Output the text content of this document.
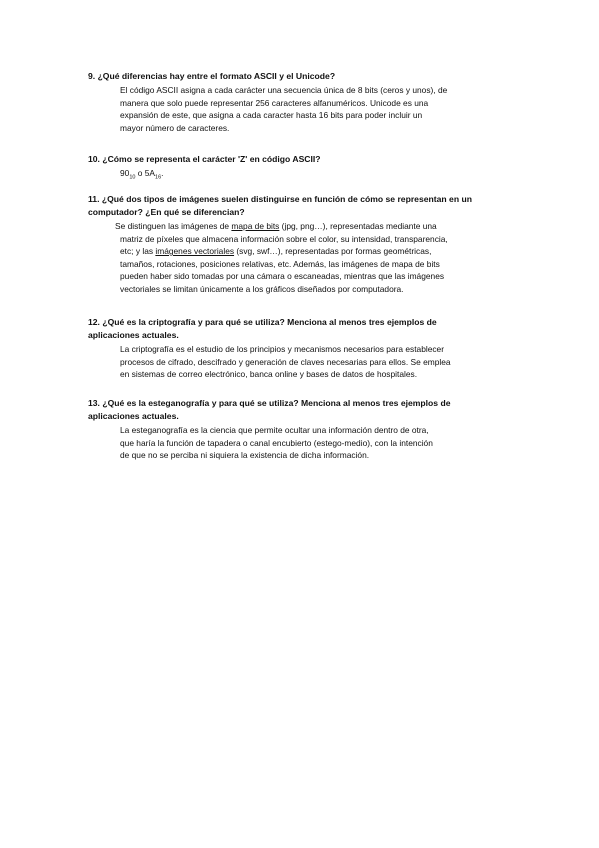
9. ¿Qué diferencias hay entre el formato ASCII y el Unicode?

El código ASCII asigna a cada carácter una secuencia única de 8 bits (ceros y unos), de
manera que solo puede representar 256 caracteres alfanuméricos. Unicode es una
expansión de este, que asigna a cada caracter hasta 16 bits para poder incluir un
mayor número de caracteres.

10. ¿Cómo se representa el carácter 'Z' en código ASCII?

$90_{10}$ o $5A_{16}$.

11. ¿Qué dos tipos de imágenes suelen distinguirse en función de cómo se representan en un
computador? ¿En qué se diferencian?

Se distinguen las imágenes de mapa de bits (jpg, png…), representadas mediante una
matriz de píxeles que almacena información sobre el color, su intensidad, transparencia,
etc; y las imágenes vectoriales (svg, swf…), representadas por formas geométricas,
tamaños, rotaciones, posiciones relativas, etc. Además, las imágenes de mapa de bits
pueden haber sido tomadas por una cámara o escaneadas, mientras que las imágenes
vectoriales se limitan únicamente a los gráficos diseñados por computadora.

12. ¿Qué es la criptografía y para qué se utiliza? Menciona al menos tres ejemplos de
aplicaciones actuales.

La criptografía es el estudio de los principios y mecanismos necesarios para establecer
procesos de cifrado, descifrado y generación de claves necesarias para ellos. Se emplea
en sistemas de correo electrónico, banca online y bases de datos de hospitales.

13. ¿Qué es la esteganografía y para qué se utiliza? Menciona al menos tres ejemplos de
aplicaciones actuales.

La esteganografía es la ciencia que permite ocultar una información dentro de otra,
que haría la función de tapadera o canal encubierto (estego-medio), con la intención
de que no se perciba ni siquiera la existencia de dicha información.
